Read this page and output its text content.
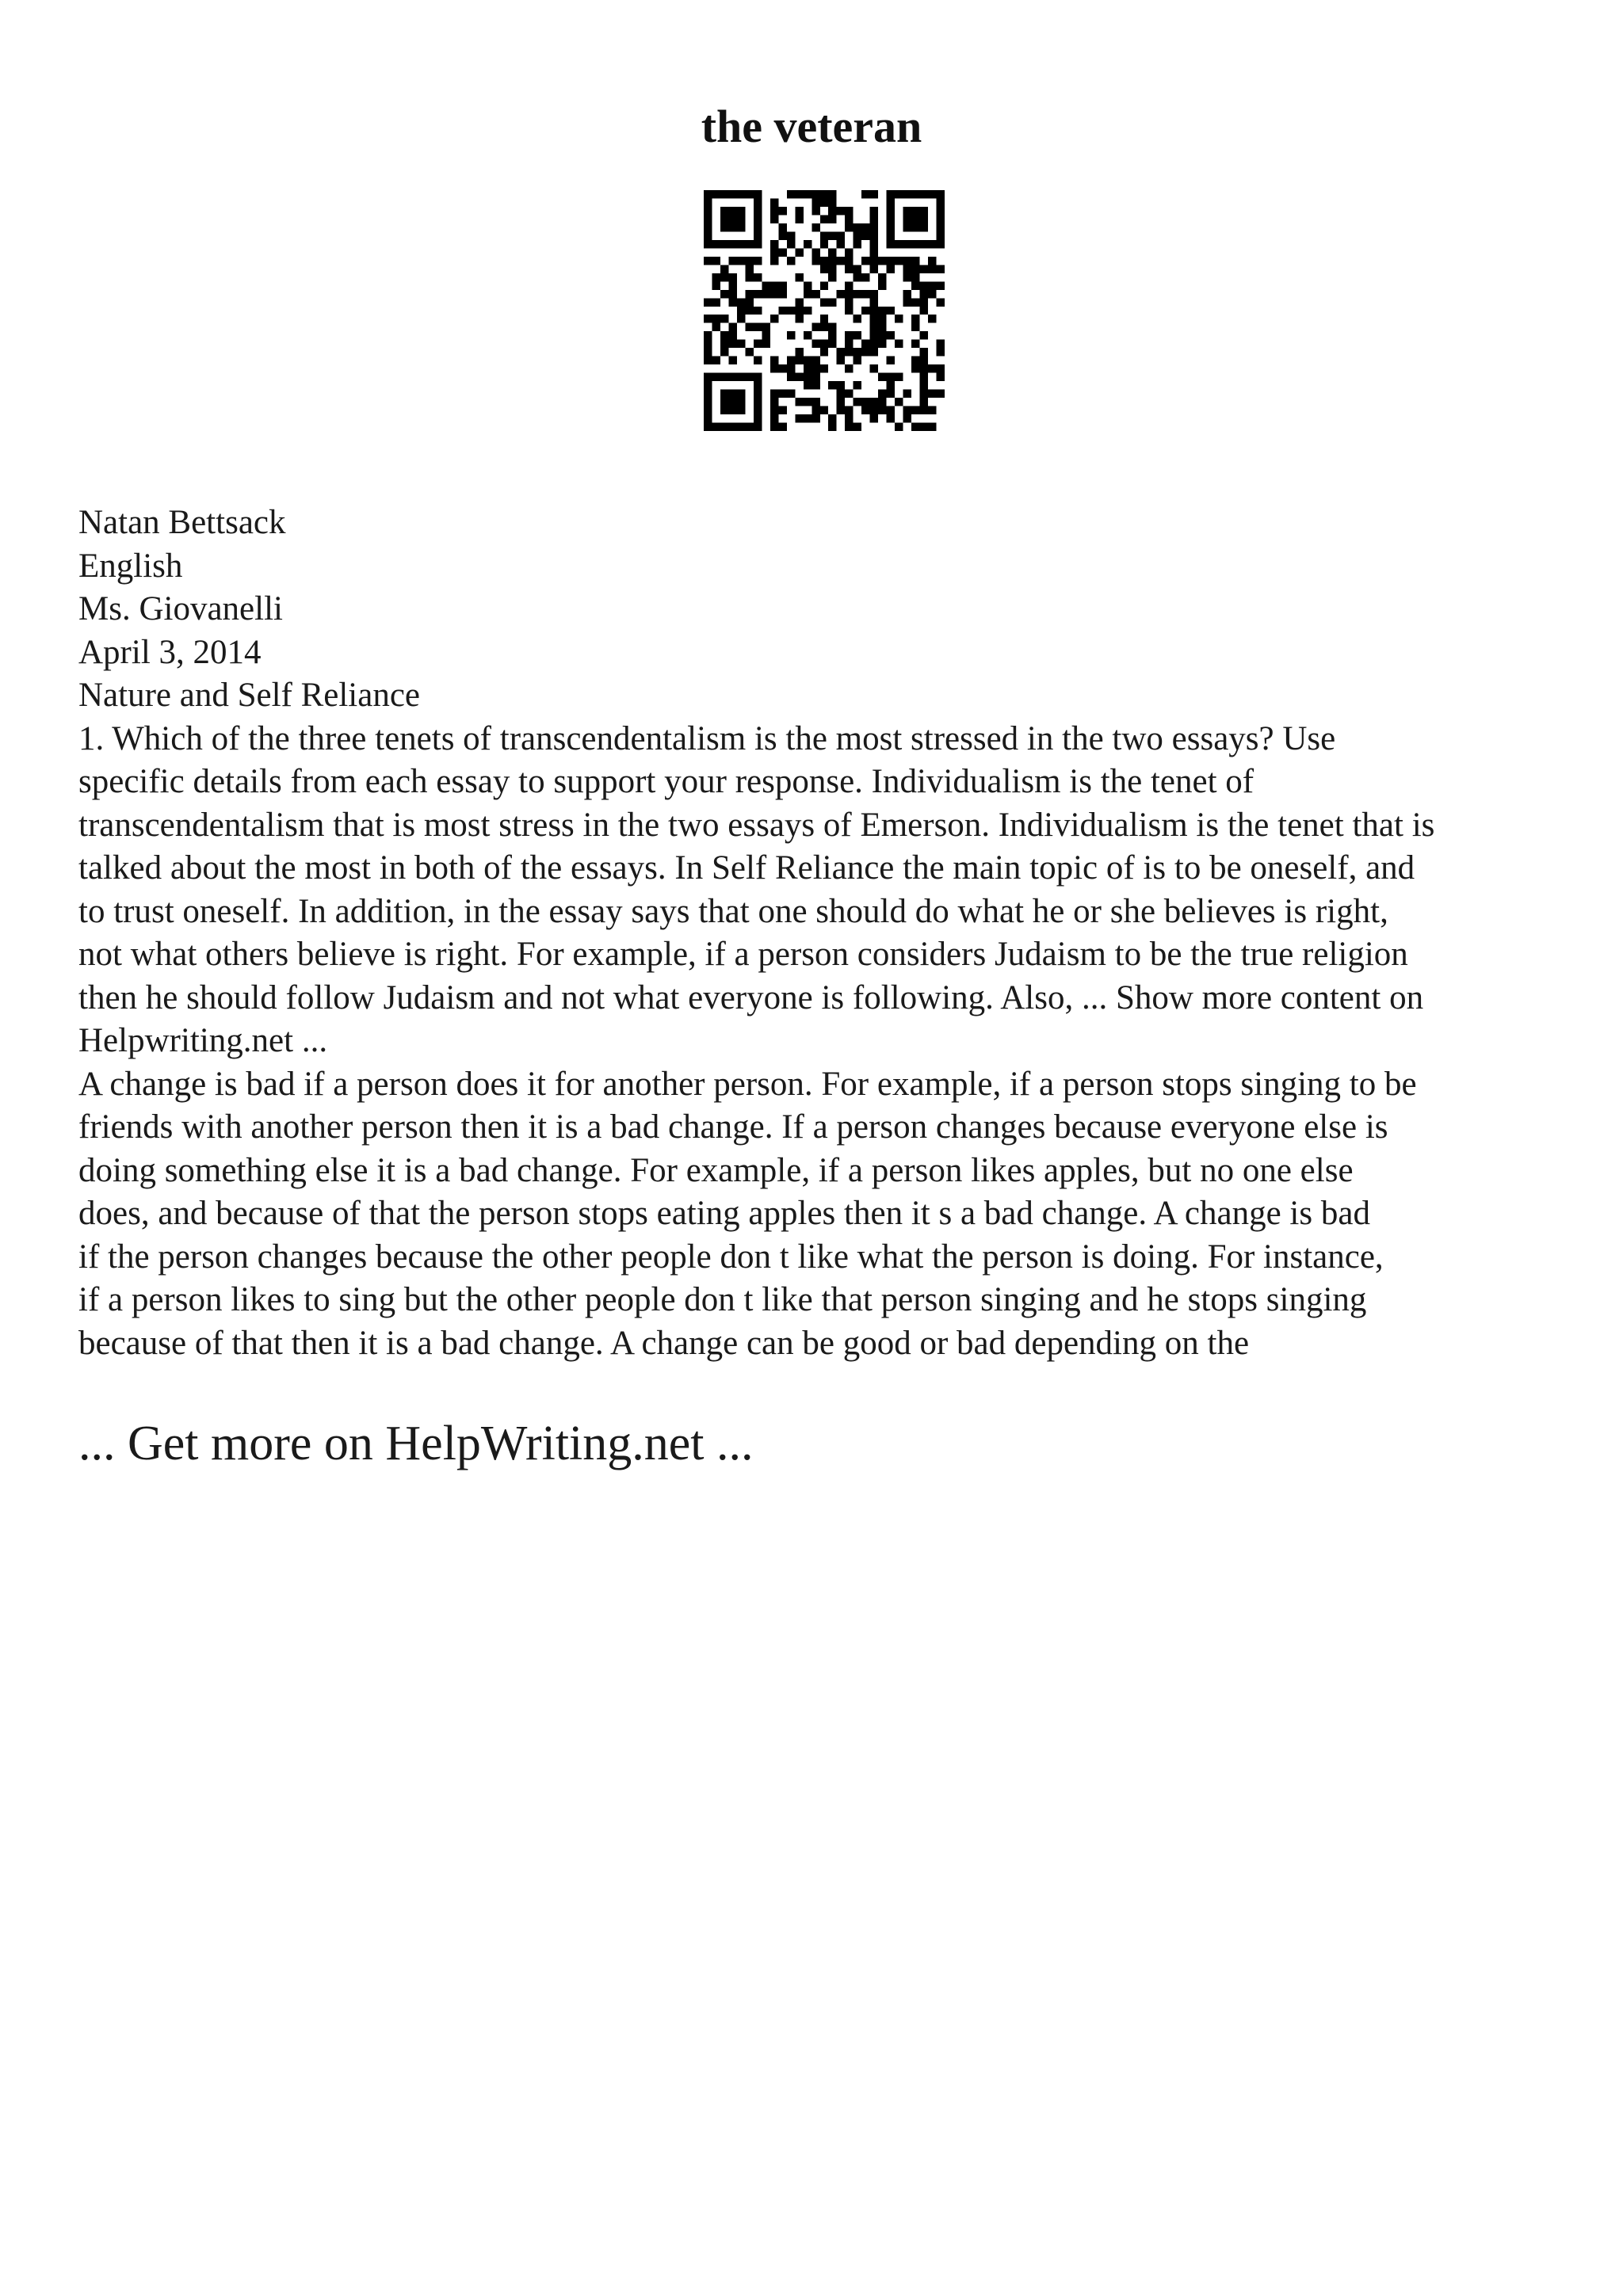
the veteran
Natan Bettsack
English
Ms. Giovanelli
April 3, 2014
Nature and Self Reliance
1. Which of the three tenets of transcendentalism is the most stressed in the two essays? Use
specific details from each essay to support your response. Individualism is the tenet of
transcendentalism that is most stress in the two essays of Emerson. Individualism is the tenet that is
talked about the most in both of the essays. In Self Reliance the main topic of is to be oneself, and
to trust oneself. In addition, in the essay says that one should do what he or she believes is right,
not what others believe is right. For example, if a person considers Judaism to be the true religion
then he should follow Judaism and not what everyone is following. Also, ... Show more content on
Helpwriting.net ...
A change is bad if a person does it for another person. For example, if a person stops singing to be
friends with another person then it is a bad change. If a person changes because everyone else is
doing something else it is a bad change. For example, if a person likes apples, but no one else
does, and because of that the person stops eating apples then it s a bad change. A change is bad
if the person changes because the other people don t like what the person is doing. For instance,
if a person likes to sing but the other people don t like that person singing and he stops singing
because of that then it is a bad change. A change can be good or bad depending on the
... Get more on HelpWriting.net ...
